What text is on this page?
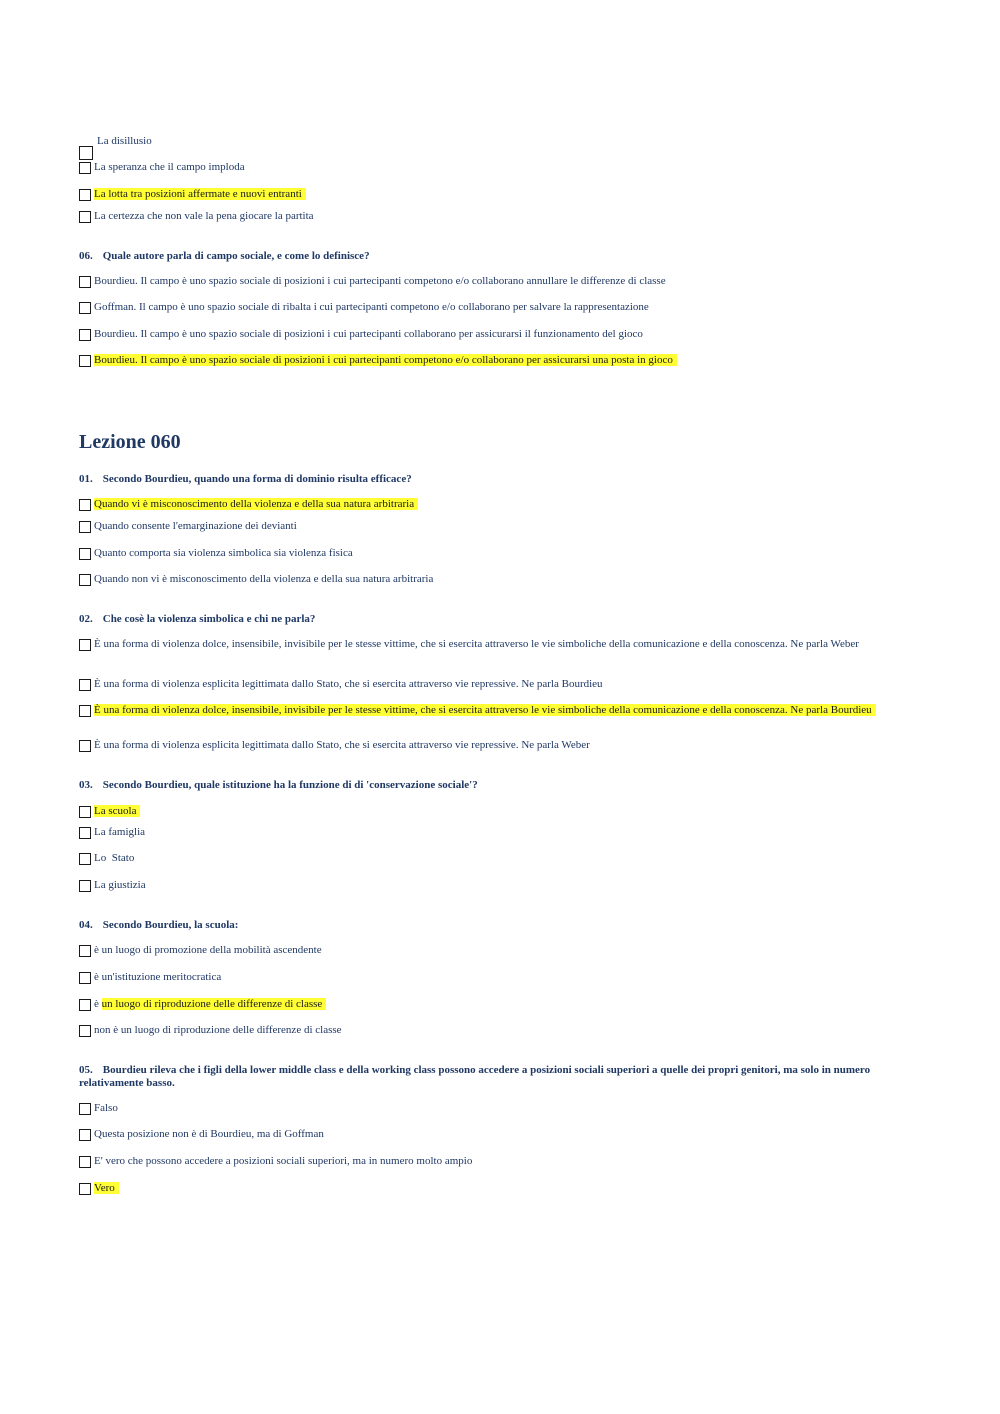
La disillusio
La speranza che il campo imploda
La lotta tra posizioni affermate e nuovi entranti
La certezza che non vale la pena giocare la partita
06. Quale autore parla di campo sociale, e come lo definisce?
Bourdieu. Il campo è uno spazio sociale di posizioni i cui partecipanti competono e/o collaborano annullare le differenze di classe
Goffman. Il campo è uno spazio sociale di ribalta i cui partecipanti competono e/o collaborano per salvare la rappresentazione
Bourdieu. Il campo è uno spazio sociale di posizioni i cui partecipanti collaborano per assicurarsi il funzionamento del gioco
Bourdieu. Il campo è uno spazio sociale di posizioni i cui partecipanti competono e/o collaborano per assicurarsi una posta in gioco
Lezione 060
01. Secondo Bourdieu, quando una forma di dominio risulta efficace?
Quando vi è misconoscimento della violenza e della sua natura arbitraria
Quando consente l'emarginazione dei devianti
Quanto comporta sia violenza simbolica sia violenza fisica
Quando non vi è misconoscimento della violenza e della sua natura arbitraria
02. Che cosè la violenza simbolica e chi ne parla?
È una forma di violenza dolce, insensibile, invisibile per le stesse vittime, che si esercita attraverso le vie simboliche della comunicazione e della conoscenza. Ne parla Weber
È una forma di violenza esplicita legittimata dallo Stato, che si esercita attraverso vie repressive. Ne parla Bourdieu
È una forma di violenza dolce, insensibile, invisibile per le stesse vittime, che si esercita attraverso le vie simboliche della comunicazione e della conoscenza. Ne parla Bourdieu
È una forma di violenza esplicita legittimata dallo Stato, che si esercita attraverso vie repressive. Ne parla Weber
03. Secondo Bourdieu, quale istituzione ha la funzione di di 'conservazione sociale'?
La scuola
La famiglia
Lo  Stato
La giustizia
04. Secondo Bourdieu, la scuola:
è un luogo di promozione della mobilità ascendente
è un'istituzione meritocratica
è un luogo di riproduzione delle differenze di classe
non è un luogo di riproduzione delle differenze di classe
05. Bourdieu rileva che i figli della lower middle class e della working class possono accedere a posizioni sociali superiori a quelle dei propri genitori, ma solo in numero relativamente basso.
Falso
Questa posizione non è di Bourdieu, ma di Goffman
E' vero che possono accedere a posizioni sociali superiori, ma in numero molto ampio
Vero
